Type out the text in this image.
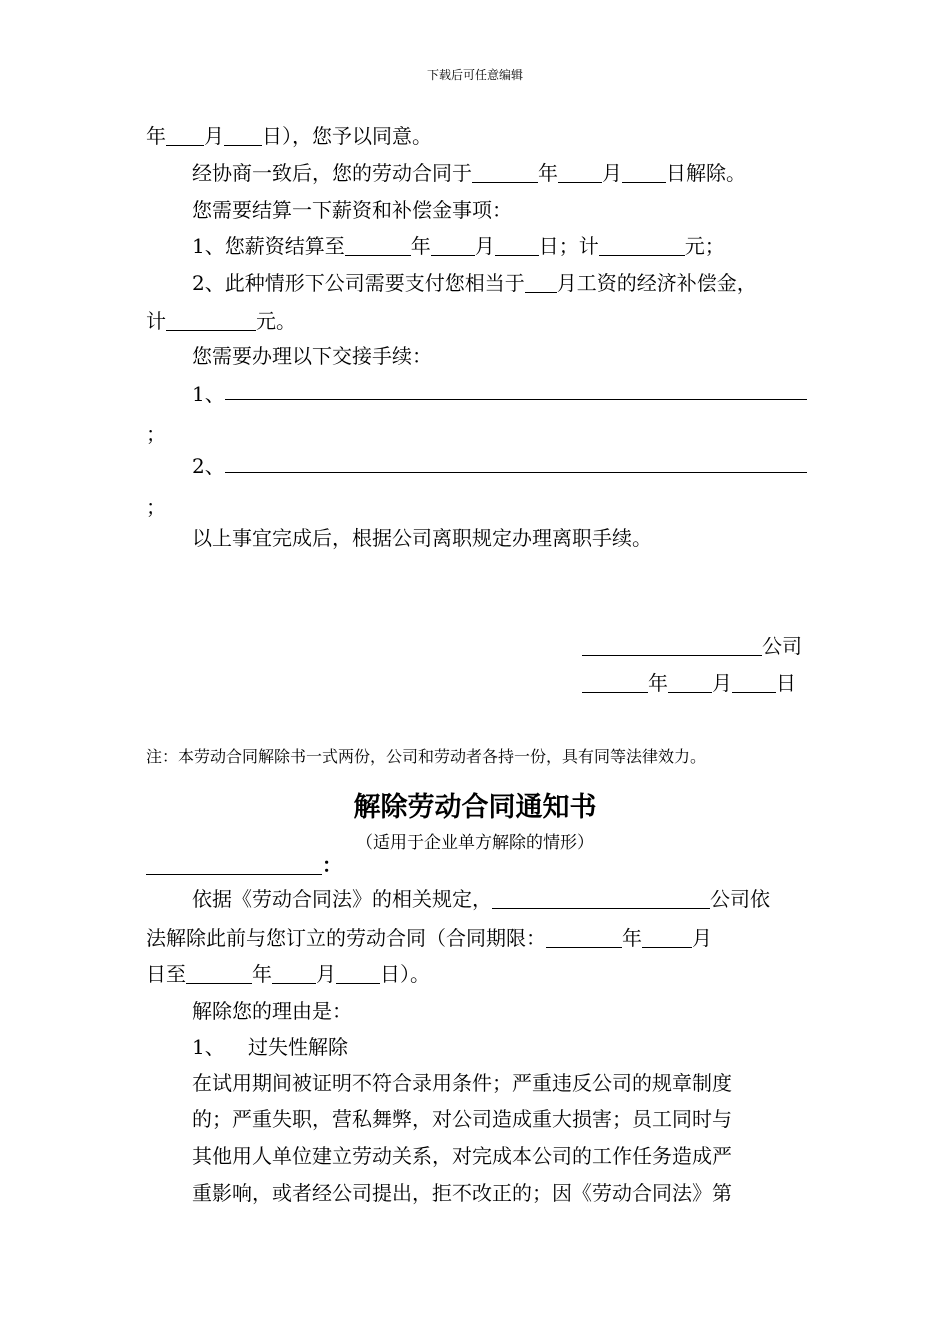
下载后可任意编辑
年 月 日），您予以同意。
经协商一致后，您的劳动合同于	年 月 日解除。
您需要结算一下薪资和补偿金事项：
1、您薪资结算至	年 月 日；计	元；
2、此种情形下公司需要支付您相当于 月工资的经济补偿金，
计	元。
您需要办理以下交接手续：
1、
；
2、
；
以上事宜完成后，根据公司离职规定办理离职手续。
公司
年 月 日
注：本劳动合同解除书一式两份，公司和劳动者各持一份，具有同等法律效力。
解除劳动合同通知书
（适用于企业单方解除的情形）
：
依据《劳动合同法》的相关规定，	公司依
法解除此前与您订立的劳动合同（合同期限：	年	月
日至	年 月 日）。
解除您的理由是：
1、 过失性解除
在试用期间被证明不符合录用条件；严重违反公司的规章制度
的；严重失职，营私舞弊，对公司造成重大损害；员工同时与
其他用人单位建立劳动关系，对完成本公司的工作任务造成严
重影响，或者经公司提出，拒不改正的；因《劳动合同法》第
